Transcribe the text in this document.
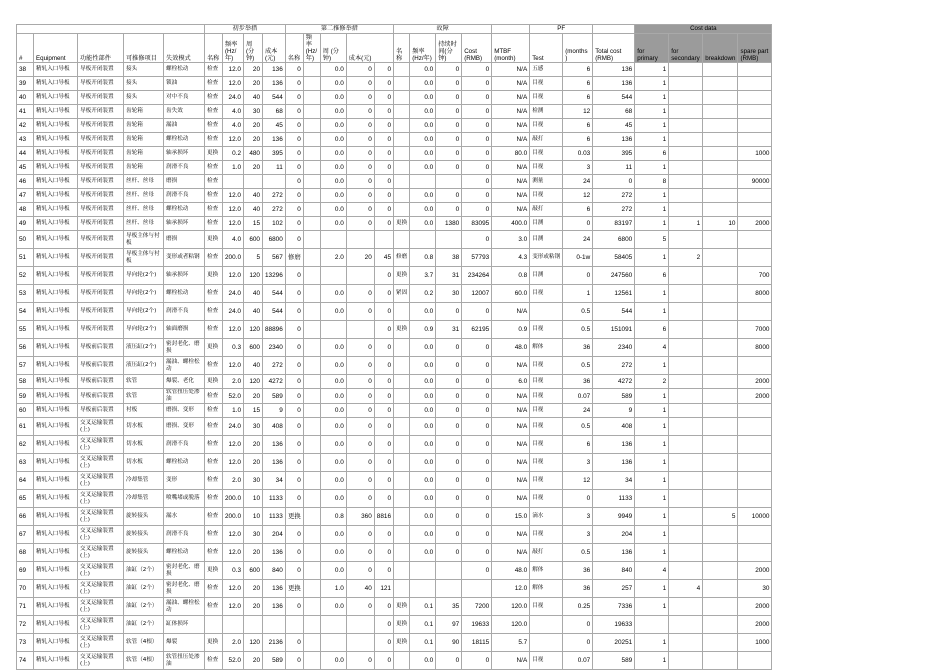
					初步举措				第二推修举措					故障					PF			Cost data			
#	Equipment	功能性部件	可推修项目	失效模式	名称	频率 (Hz/年)	周 (分钟)	成本(元)	名称	频率 (Hz/年)	周 (分钟)	成本(元)		名称	频率 (Hz/年)	持续时间(分钟)	Cost (RMB)	MTBF (month)	Test	(months )	Total cost (RMB)	for primary	for secondary	breakdown	spare part (RMB)
38	精轧入口导板	导板开闭装置	接头	螺栓松动	检查	12.0	20	136	0		0.0	0	0		0.0	0	0	N/A	五感	6	136	1			
39	精轧入口导板	导板开闭装置	接头	锁油	检查	12.0	20	136	0		0.0	0	0		0.0	0	0	N/A	目视	6	136	1			
40	精轧入口导板	导板开闭装置	接头	对中不良	检查	24.0	40	544	0		0.0	0	0		0.0	0	0	N/A	目视	6	544	1			
41	精轧入口导板	导板开闭装置	齿轮箱	齿失效	检查	4.0	30	68	0		0.0	0	0		0.0	0	0	N/A	检测	12	68	1			
42	精轧入口导板	导板开闭装置	齿轮箱	漏油	检查	4.0	20	45	0		0.0	0	0		0.0	0	0	N/A	目视	6	45	1			
43	精轧入口导板	导板开闭装置	齿轮箱	螺栓松动	检查	12.0	20	136	0		0.0	0	0		0.0	0	0	N/A	敲打	6	136	1			
44	精轧入口导板	导板开闭装置	齿轮箱	轴承损坏	更换	0.2	480	395	0		0.0	0	0		0.0	0	0	80.0	目视	0.03	395	6			1000
45	精轧入口导板	导板开闭装置	齿轮箱	润滑不良	检查	1.0	20	11	0		0.0	0	0		0.0	0	0	N/A	目视	3	11	1			
46	精轧入口导板	导板开闭装置	丝杆、丝母	磨损	检查				0		0.0	0	0				0	N/A	测量	24	0	8			90000
47	精轧入口导板	导板开闭装置	丝杆、丝母	润滑不良	检查	12.0	40	272	0		0.0	0	0		0.0	0	0	N/A	目视	12	272	1			
48	精轧入口导板	导板开闭装置	丝杆、丝母	螺栓松动	检查	12.0	40	272	0		0.0	0	0		0.0	0	0	N/A	敲打	6	272	1			
49	精轧入口导板	导板开闭装置	丝杆、丝母	轴承损坏	检查	12.0	15	102	0		0.0	0	0	更换	0.0	1380	83095	400.0	目测	0	83197	1	1	10	2000
50	精轧入口导板	导板开闭装置	导板主体与衬板	磨损	更换	4.0	600	6800	0								0	3.0	目测	24	6800	5			
51	精轧入口导板	导板开闭装置	导板主体与衬板	变形或者粘钢	检查	200.0	5	567	修磨		2.0	20	45	修磨	0.8	38	57793	4.3	变形或粘钢	0-1w	58405	1	2		
52	精轧入口导板	导板开闭装置	导向轮(2个)	轴承损坏	更换	12.0	120	13296	0				0	更换	3.7	31	234264	0.8	目测	0	247560	6			700
53	精轧入口导板	导板开闭装置	导向轮(2个)	螺栓松动	检查	24.0	40	544	0		0.0	0	0	紧固	0.2	30	12007	60.0	目视	1	12561	1			8000
54	精轧入口导板	导板开闭装置	导向轮(2个)	润滑不良	检查	24.0	40	544	0		0.0	0	0		0.0	0	0	N/A		0.5	544	1			
55	精轧入口导板	导板开闭装置	导向轮(2个)	轴面磨损	检查	12.0	120	88896	0				0	更换	0.9	31	62195	0.9	目视	0.5	151091	6			7000
56	精轧入口导板	导板前后装置	液压缸(2个)	密封老化、磨损	更换	0.3	600	2340	0		0.0	0	0		0.0	0	0	48.0	解体	36	2340	4			8000
57	精轧入口导板	导板前后装置	液压缸(2个)	漏油、螺栓松动	检查	12.0	40	272	0		0.0	0	0		0.0	0	0	N/A	目视	0.5	272	1			
58	精轧入口导板	导板前后装置	软管	爆裂、老化	更换	2.0	120	4272	0		0.0	0	0		0.0	0	0	6.0	目视	36	4272	2			2000
59	精轧入口导板	导板前后装置	软管	软管扭压处渗油	检查	52.0	20	589	0		0.0	0	0		0.0	0	0	N/A	目视	0.07	589	1			2000
60	精轧入口导板	导板前后装置	衬板	磨损、变形	检查	1.0	15	9	0		0.0	0	0		0.0	0	0	N/A	目视	24	9	1			
61	精轧入口导板	交叉运输装置(上)	切水板	磨损、变形	检查	24.0	30	408	0		0.0	0	0		0.0	0	0	N/A	目视	0.5	408	1			
62	精轧入口导板	交叉运输装置(上)	切水板	润滑不良	检查	12.0	20	136	0		0.0	0	0		0.0	0	0	N/A	目视	6	136	1			
63	精轧入口导板	交叉运输装置(上)	切水板	螺栓松动	检查	12.0	20	136	0		0.0	0	0		0.0	0	0	N/A	目视	3	136	1			
64	精轧入口导板	交叉运输装置(上)	冷却集管	变形	检查	2.0	30	34	0		0.0	0	0		0.0	0	0	N/A	目视	12	34	1			
65	精轧入口导板	交叉运输装置(上)	冷却集管	喷嘴堵或脱落	检查	200.0	10	1133	0		0.0	0	0		0.0	0	0	N/A	目视	0	1133	1			
66	精轧入口导板	交叉运输装置(上)	旋转接头	漏水	检查	200.0	10	1133	更换		0.8	360	8816		0.0	0	0	15.0	滴水	3	9949	1		5	10000
67	精轧入口导板	交叉运输装置(上)	旋转接头	润滑不良	检查	12.0	30	204	0		0.0	0	0		0.0	0	0	N/A	目视	3	204	1			
68	精轧入口导板	交叉运输装置(上)	旋转接头	螺栓松动	检查	12.0	20	136	0		0.0	0	0		0.0	0	0	N/A	敲打	0.5	136	1			
69	精轧入口导板	交叉运输装置(上)	油缸（2个）	密封老化、磨损	更换	0.3	600	840	0		0.0	0	0				0	48.0	解体	36	840	4			2000
70	精轧入口导板	交叉运输装置(上)	油缸（2个）	密封老化、磨损	检查	12.0	20	136	更换		1.0	40	121					12.0	解体	36	257	1	4		30
71	精轧入口导板	交叉运输装置(上)	油缸（2个）	漏油、螺栓松动	检查	12.0	20	136	0		0.0	0	0	更换	0.1	35	7200	120.0	目视	0.25	7336	1			2000
72	精轧入口导板	交叉运输装置(上)	油缸（2个）	缸体损坏									0	更换	0.1	97	19633	120.0		0	19633				2000
73	精轧入口导板	交叉运输装置(上)	软管（4根）	爆裂	更换	2.0	120	2136	0				0	更换	0.1	90	18115	5.7		0	20251	1			1000
74	精轧入口导板	交叉运输装置(上)	软管（4根）	软管扭压处渗油	检查	52.0	20	589	0		0.0	0	0		0.0	0	0	N/A	目视	0.07	589	1			
